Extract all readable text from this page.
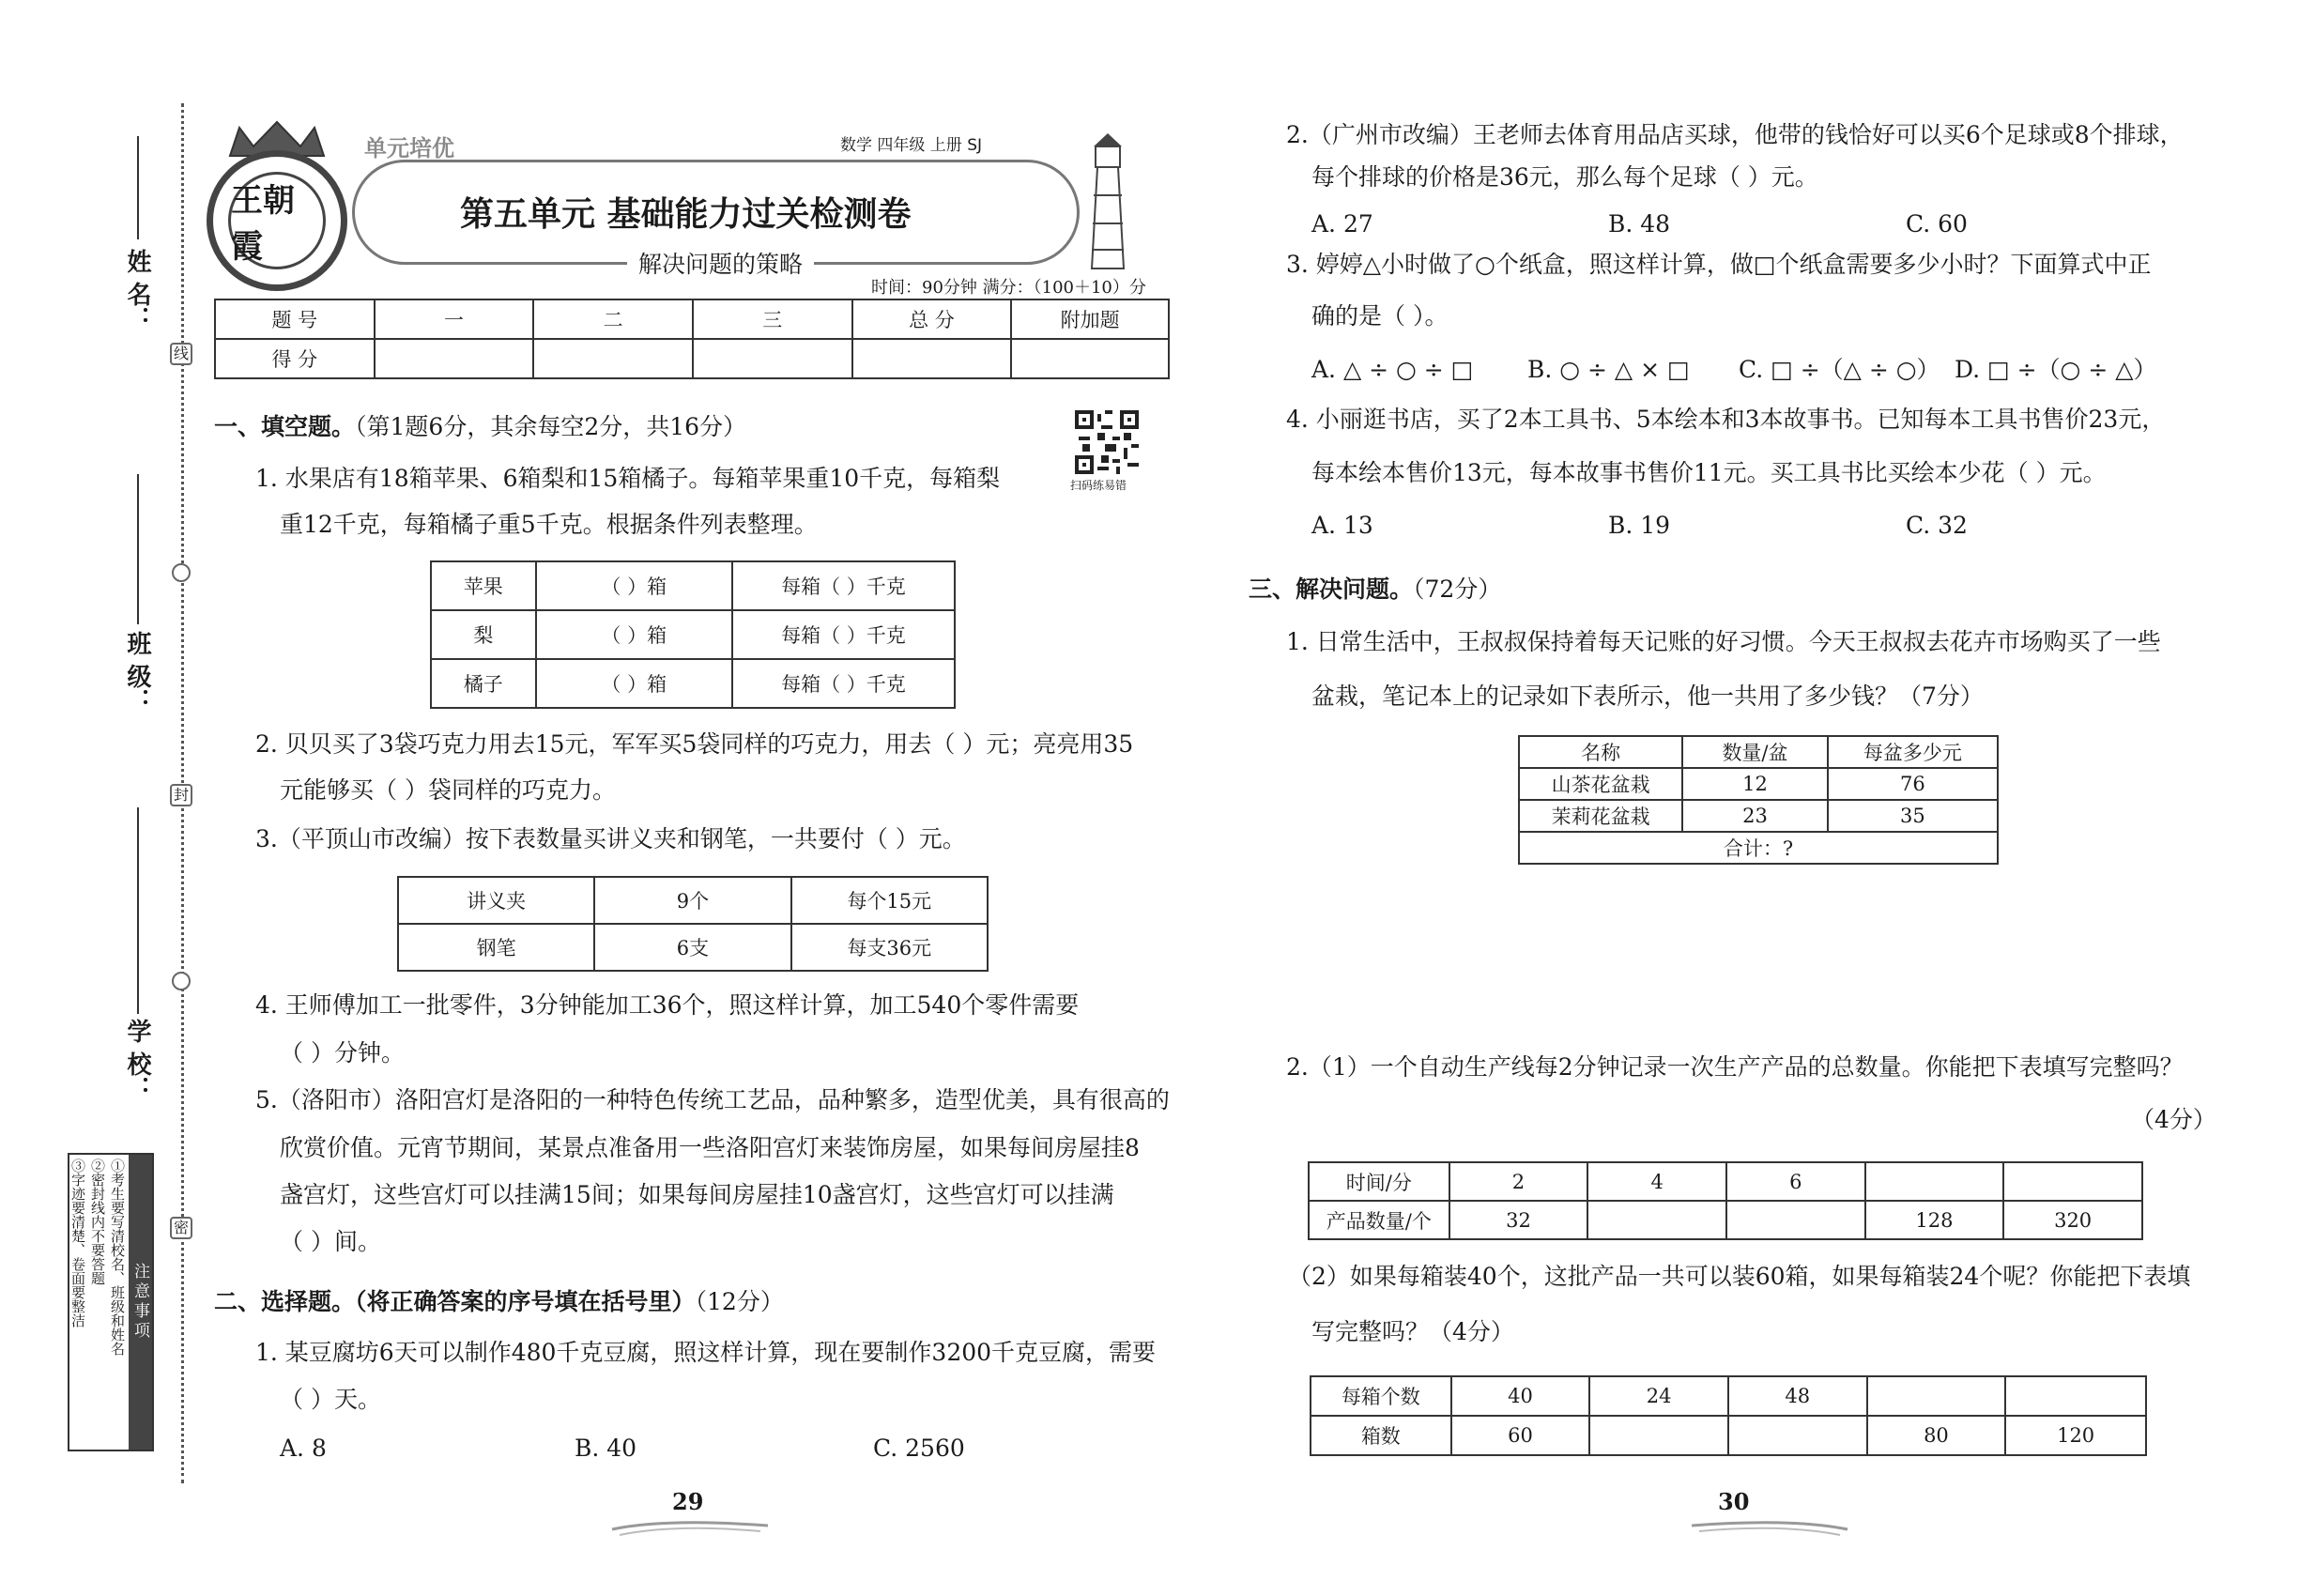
姓 名：
班 级：
学 校：
线
封
密
注意事项
①考生要写清校名、班级和姓名
②密封线内不要答题
③字迹要清楚、卷面要整洁
王朝霞
单元培优	数学 四年级 上册 SJ
第五单元 基础能力过关检测卷
解决问题的策略
时间：90分钟 满分：（100＋10）分
题 号	一	二	三	总 分	附加题
得 分					
扫码练易错
一、填空题。（第1题6分，其余每空2分，共16分）
1. 水果店有18箱苹果、6箱梨和15箱橘子。每箱苹果重10千克，每箱梨
重12千克，每箱橘子重5千克。根据条件列表整理。
苹果	（ ）箱	每箱（ ）千克
梨	（ ）箱	每箱（ ）千克
橘子	（ ）箱	每箱（ ）千克
2. 贝贝买了3袋巧克力用去15元，军军买5袋同样的巧克力，用去（ ）元；亮亮用35
元能够买（ ）袋同样的巧克力。
3.（平顶山市改编）按下表数量买讲义夹和钢笔，一共要付（ ）元。
讲义夹	9个	每个15元
钢笔	6支	每支36元
4. 王师傅加工一批零件，3分钟能加工36个，照这样计算，加工540个零件需要
（ ）分钟。
5.（洛阳市）洛阳宫灯是洛阳的一种特色传统工艺品，品种繁多，造型优美，具有很高的
欣赏价值。元宵节期间，某景点准备用一些洛阳宫灯来装饰房屋，如果每间房屋挂8
盏宫灯，这些宫灯可以挂满15间；如果每间房屋挂10盏宫灯，这些宫灯可以挂满
（ ）间。
二、选择题。（将正确答案的序号填在括号里）（12分）
1. 某豆腐坊6天可以制作480千克豆腐，照这样计算，现在要制作3200千克豆腐，需要
（ ）天。
A. 8	B. 40	C. 2560
29
2.（广州市改编）王老师去体育用品店买球，他带的钱恰好可以买6个足球或8个排球，
每个排球的价格是36元，那么每个足球（ ）元。
A. 27	B. 48	C. 60
3. 婷婷△小时做了○个纸盒，照这样计算，做□个纸盒需要多少小时？下面算式中正
确的是（ ）。
A. △ ÷ ○ ÷ □ B. ○ ÷ △ × □ C. □ ÷（△ ÷ ○） D. □ ÷（○ ÷ △）
4. 小丽逛书店，买了2本工具书、5本绘本和3本故事书。已知每本工具书售价23元，
每本绘本售价13元，每本故事书售价11元。买工具书比买绘本少花（ ）元。
A. 13	B. 19	C. 32
三、解决问题。（72分）
1. 日常生活中，王叔叔保持着每天记账的好习惯。今天王叔叔去花卉市场购买了一些
盆栽，笔记本上的记录如下表所示，他一共用了多少钱？（7分）
名称	数量/盆	每盆多少元
山茶花盆栽	12	76
茉莉花盆栽	23	35
合计：?		
2.（1）一个自动生产线每2分钟记录一次生产产品的总数量。你能把下表填写完整吗？
（4分）
时间/分	2	4	6		
产品数量/个	32			128	320
（2）如果每箱装40个，这批产品一共可以装60箱，如果每箱装24个呢？你能把下表填
写完整吗？（4分）
每箱个数	40	24	48		
箱数	60			80	120
30
